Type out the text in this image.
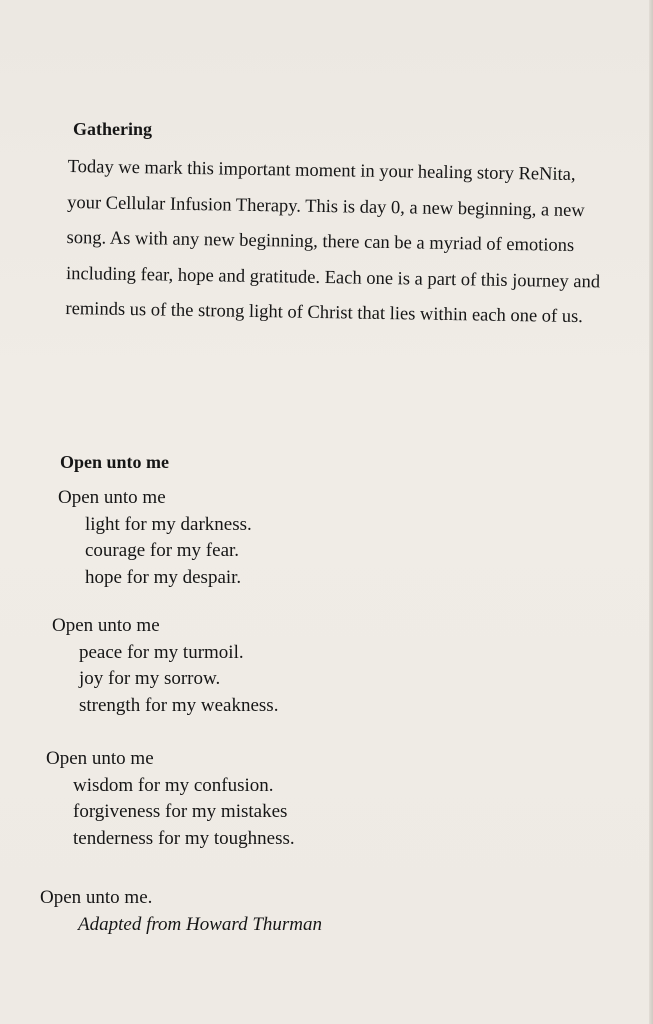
Gathering

Today we mark this important moment in your healing story ReNita, your Cellular Infusion Therapy. This is day 0, a new beginning, a new song. As with any new beginning, there can be a myriad of emotions including fear, hope and gratitude. Each one is a part of this journey and reminds us of the strong light of Christ that lies within each one of us.

Open unto me
Open unto me
light for my darkness.
courage for my fear.
hope for my despair.
Open unto me
peace for my turmoil.
joy for my sorrow.
strength for my weakness.
Open unto me
wisdom for my confusion.
forgiveness for my mistakes
tenderness for my toughness.
Open unto me.
Adapted from Howard Thurman
